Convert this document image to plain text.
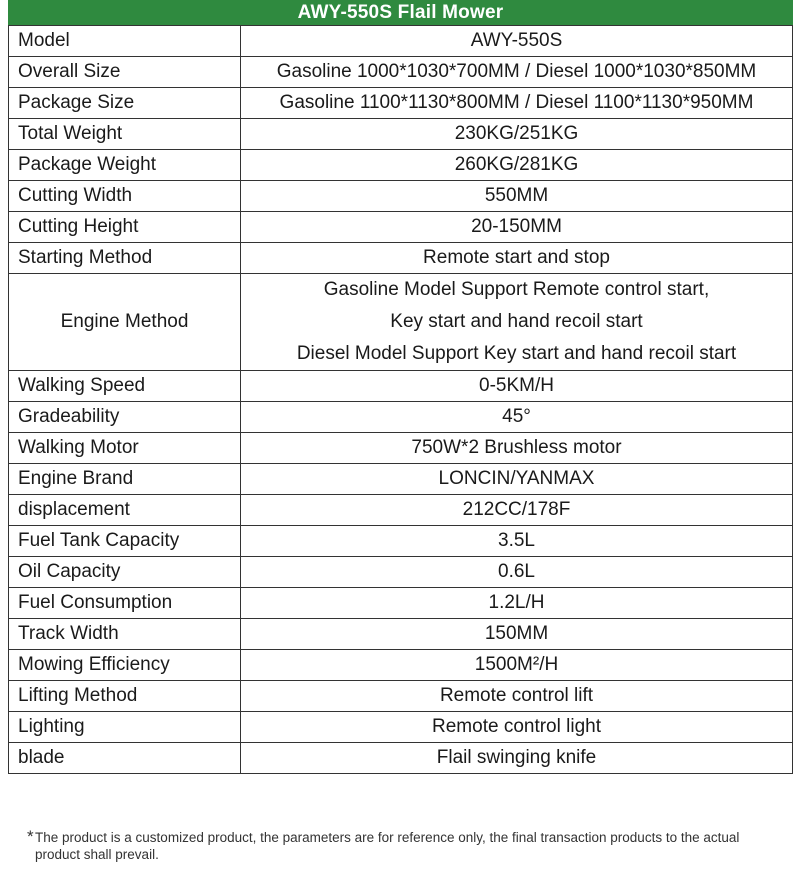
AWY-550S Flail Mower
Model	AWY-550S
Overall Size	Gasoline 1000*1030*700MM / Diesel 1000*1030*850MM
Package Size	Gasoline 1100*1130*800MM / Diesel 1100*1130*950MM
Total Weight	230KG/251KG
Package Weight	260KG/281KG
Cutting Width	550MM
Cutting Height	20-150MM
Starting Method	Remote start and stop
Engine Method	Gasoline Model Support Remote control start,
Key start and hand recoil start
Diesel Model Support Key start and hand recoil start

Walking Speed	0-5KM/H
Gradeability	45°
Walking Motor	750W*2 Brushless motor
Engine Brand	LONCIN/YANMAX
displacement	212CC/178F
Fuel Tank Capacity	3.5L
Oil Capacity	0.6L
Fuel Consumption	1.2L/H
Track Width	150MM
Mowing Efficiency	1500M²/H
Lifting Method	Remote control lift
Lighting	Remote control light
blade	Flail swinging knife
* The product is a customized product, the parameters are for reference only, the final transaction products to the actual product shall prevail.
